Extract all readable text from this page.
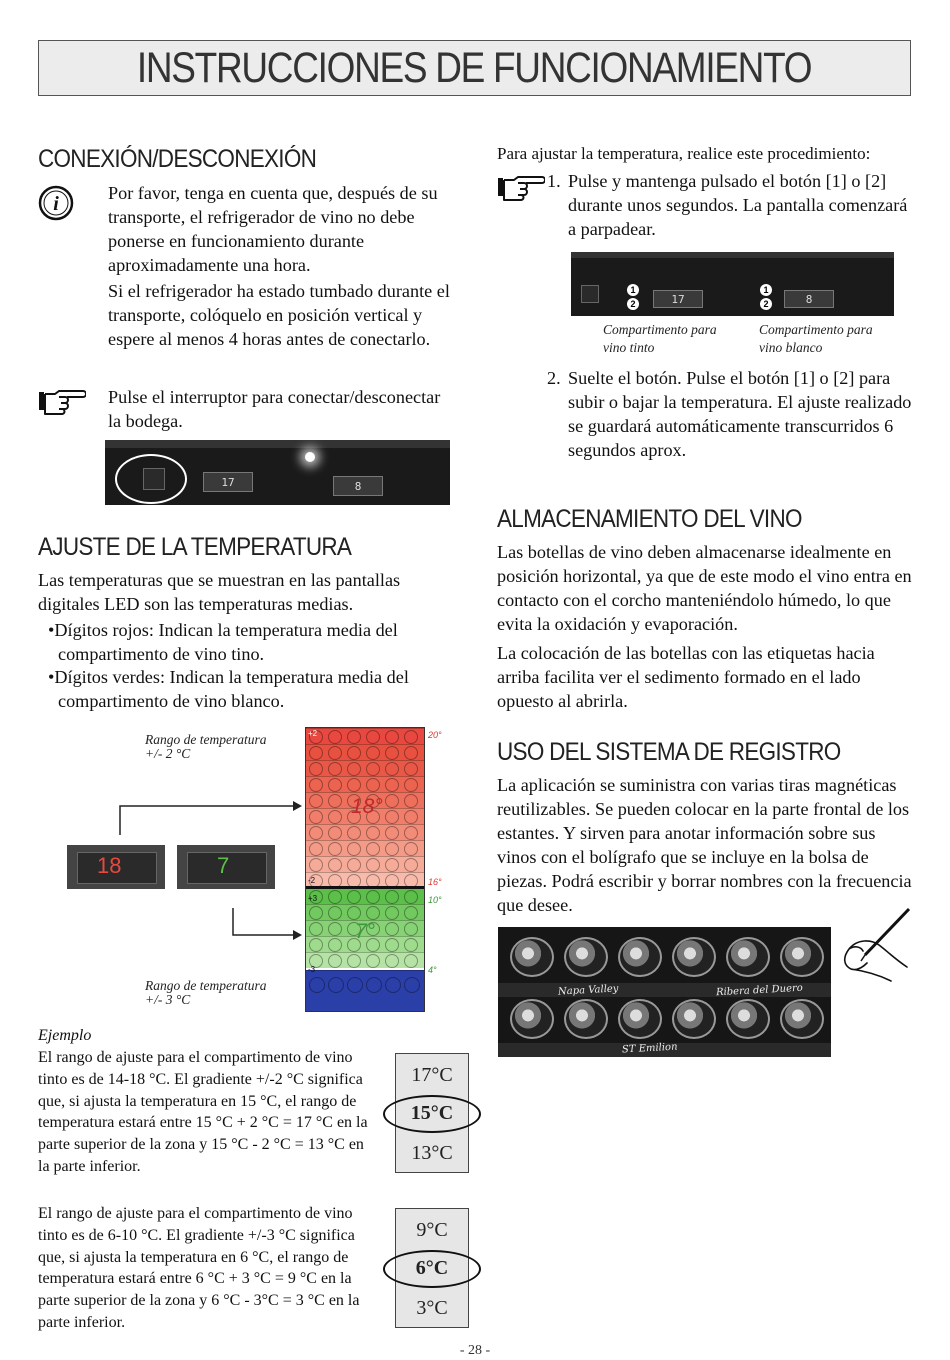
INSTRUCCIONES DE FUNCIONAMIENTO
CONEXIÓN/DESCONEXIÓN
i	Por favor, tenga en cuenta que, después de su transporte, el refrigerador de vino no debe ponerse en funcionamiento durante aproximadamente una hora.
Si el refrigerador ha estado tumbado durante el transporte, colóquelo en posición vertical y espere al menos 4 horas antes de conectarlo.
Pulse el interruptor para conectar/desconectar la bodega.
17	8
AJUSTE DE LA TEMPERATURA
Las temperaturas que se muestran en las pantallas digitales LED son las temperaturas medias.
•Dígitos rojos: Indican la temperatura media del compartimento de vino tino.
•Dígitos verdes: Indican la temperatura media del compartimento de vino blanco.
Rango de temperatura
+/- 2 °C
Rango de temperatura
+/- 3 °C
18	7
+2
-2
+3
-3
18°
7°
20°
16°
10°
4°
Ejemplo
El rango de ajuste para el compartimento de vino tinto es de 14-18 °C. El gradiente +/-2 °C significa que, si ajusta la temperatura en 15 °C, el rango de temperatura estará entre 15 °C + 2 °C = 17 °C en la parte superior de la zona y 15 °C - 2 °C = 13 °C en la parte inferior.
El rango de ajuste para el compartimento de vino tinto es de 6-10 °C. El gradiente +/-3 °C significa que, si ajusta la temperatura en 6 °C, el rango de temperatura estará entre 6 °C + 3 °C = 9 °C en la parte superior de la zona y 6 °C - 3°C = 3 °C en la parte inferior.
17°C
15°C
13°C
9°C
6°C
3°C
Para ajustar la temperatura, realice este procedimiento:
1. Pulse y mantenga pulsado el botón [1] o [2] durante unos segundos. La pantalla comenzará a parpadear.
1
2	17
1
2	8
Compartimento para
vino tinto
Compartimento para
vino blanco
2. Suelte el botón. Pulse el botón [1] o [2] para subir o bajar la temperatura. El ajuste realizado se guardará automáticamente transcurridos 6 segundos aprox.
ALMACENAMIENTO DEL VINO
Las botellas de vino deben almacenarse idealmente en posición horizontal, ya que de este modo el vino entra en contacto con el corcho manteniéndolo húmedo, lo que evita la oxidación y evaporación.
La colocación de las botellas con las etiquetas hacia arriba facilita ver el sedimento formado en el lado opuesto al abrirla.
USO DEL SISTEMA DE REGISTRO
La aplicación se suministra con varias tiras magnéticas reutilizables. Se pueden colocar en la parte frontal de los estantes. Y sirven para anotar información sobre sus vinos con el bolígrafo que se incluye en la bolsa de piezas. Podrá escribir y borrar nombres con la frecuencia que desee.
Napa Valley	Ribera del Duero
ST Emilion
- 28 -
